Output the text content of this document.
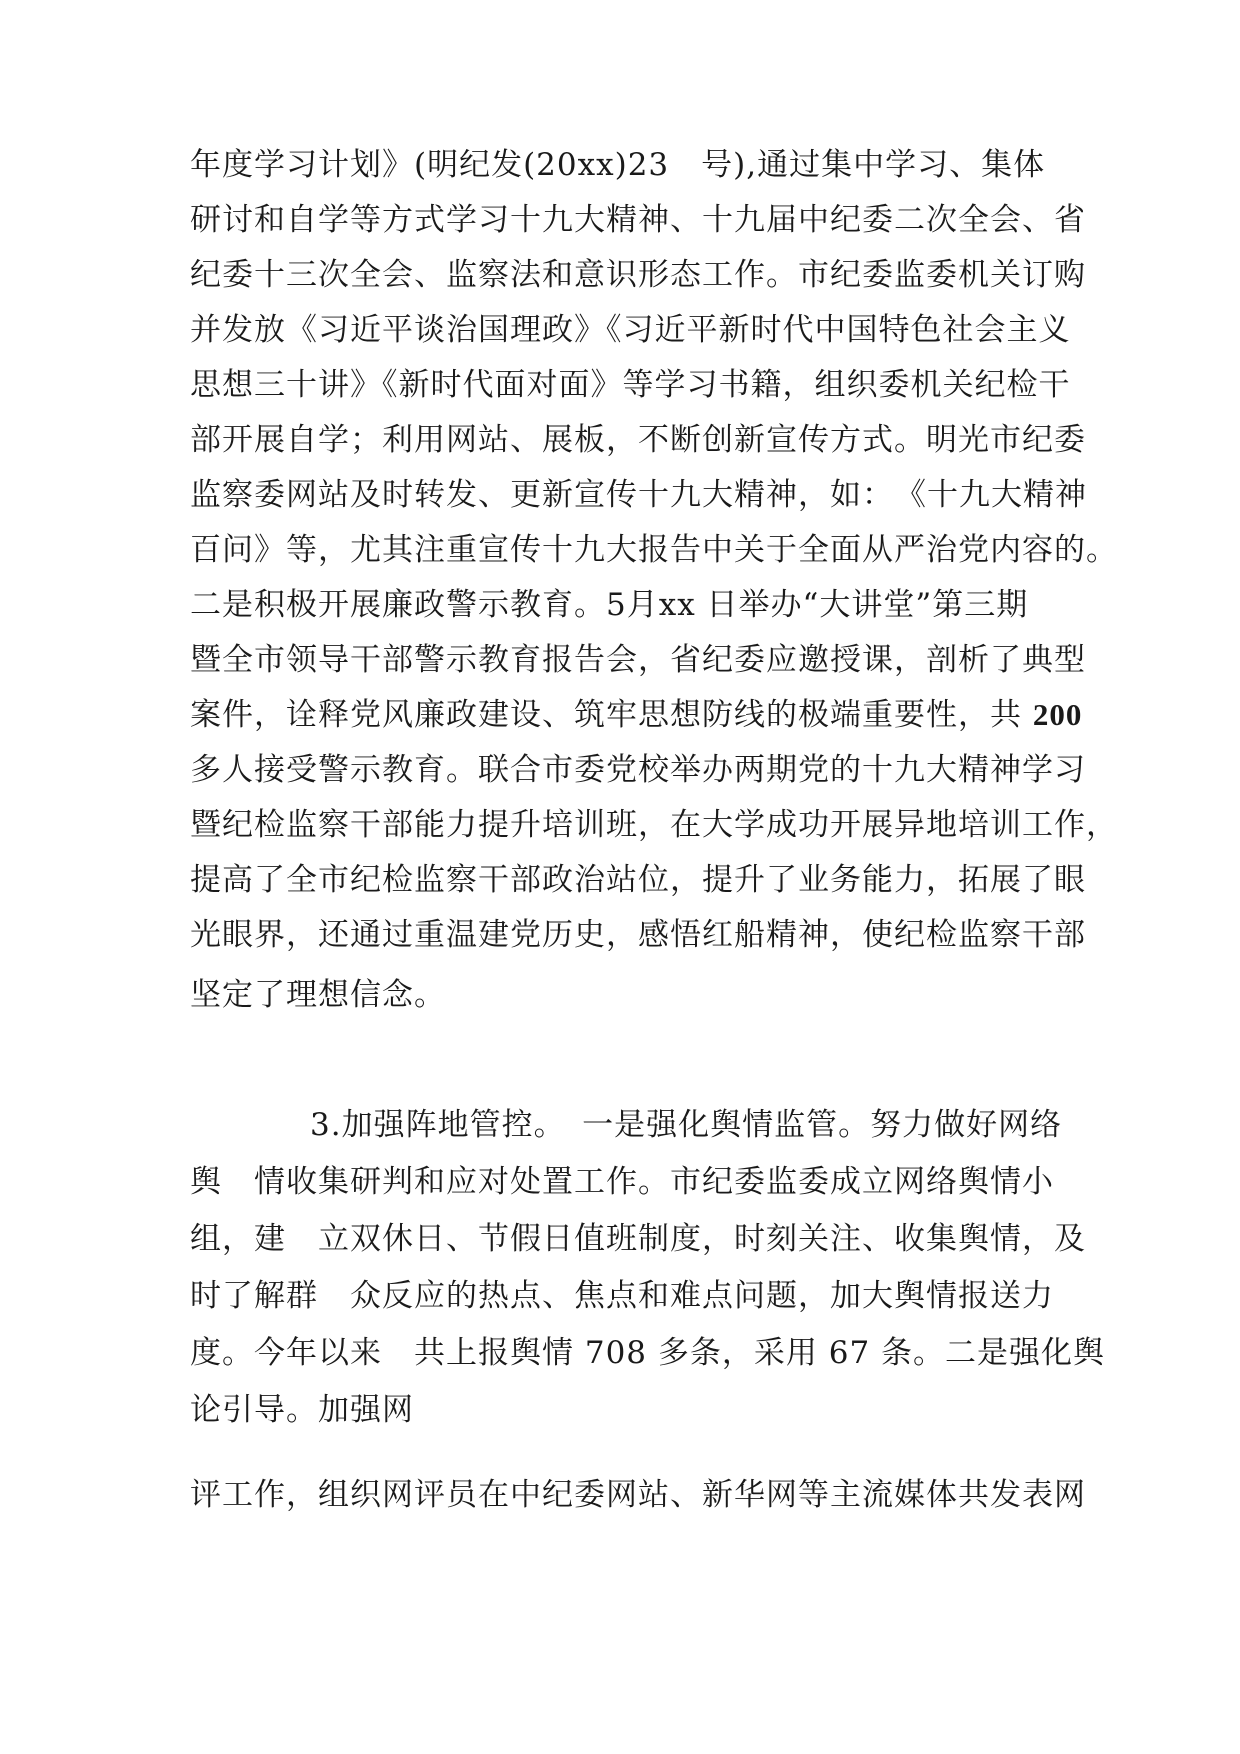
年度学习计划》(明纪发(20xx)23　号),通过集中学习、集体
研讨和自学等方式学习十九大精神、十九届中纪委二次全会、省
纪委十三次全会、监察法和意识形态工作。市纪委监委机关订购
并发放《习近平谈治国理政》《习近平新时代中国特色社会主义
思想三十讲》《新时代面对面》等学习书籍，组织委机关纪检干
部开展自学；利用网站、展板，不断创新宣传方式。明光市纪委
监察委网站及时转发、更新宣传十九大精神，如：　《十九大精神
百问》等，尤其注重宣传十九大报告中关于全面从严治党内容的。
二是积极开展廉政警示教育。5月xx 日举办“大讲堂”第三期
暨全市领导干部警示教育报告会，省纪委应邀授课，剖析了典型
案件，诠释党风廉政建设、筑牢思想防线的极端重要性，共 200
多人接受警示教育。联合市委党校举办两期党的十九大精神学习
暨纪检监察干部能力提升培训班，在大学成功开展异地培训工作，
提高了全市纪检监察干部政治站位，提升了业务能力，拓展了眼
光眼界，还通过重温建党历史，感悟红船精神，使纪检监察干部
坚定了理想信念。
3.加强阵地管控。　一是强化舆情监管。努力做好网络
舆　情收集研判和应对处置工作。市纪委监委成立网络舆情小
组，建　立双休日、节假日值班制度，时刻关注、收集舆情，及
时了解群　众反应的热点、焦点和难点问题，加大舆情报送力
度。今年以来　共上报舆情 708 多条，采用 67 条。二是强化舆
论引导。加强网
评工作，组织网评员在中纪委网站、新华网等主流媒体共发表网
